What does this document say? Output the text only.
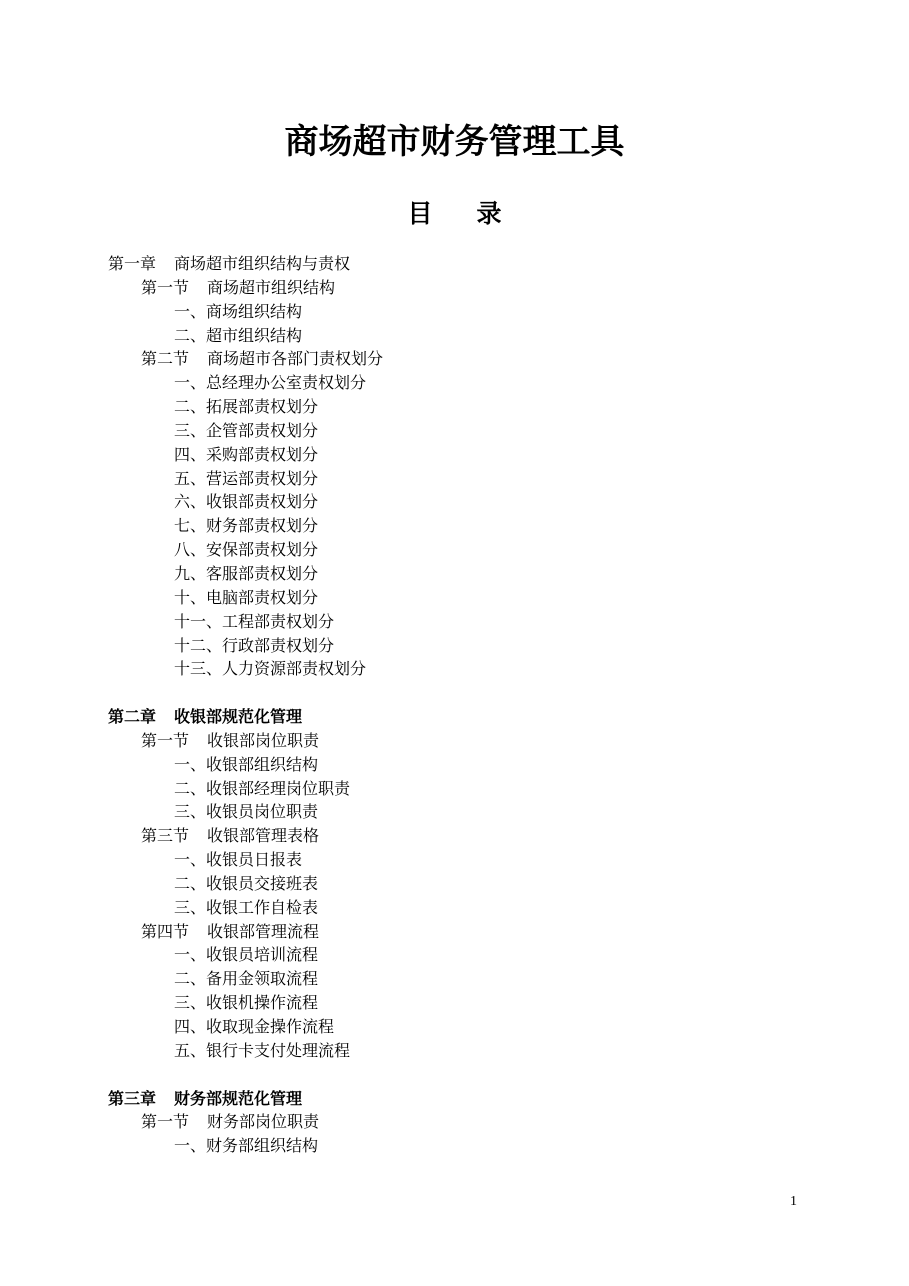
商场超市财务管理工具
目 录
第一章 商场超市组织结构与责权
第一节 商场超市组织结构
一、商场组织结构
二、超市组织结构
第二节 商场超市各部门责权划分
一、总经理办公室责权划分
二、拓展部责权划分
三、企管部责权划分
四、采购部责权划分
五、营运部责权划分
六、收银部责权划分
七、财务部责权划分
八、安保部责权划分
九、客服部责权划分
十、电脑部责权划分
十一、工程部责权划分
十二、行政部责权划分
十三、人力资源部责权划分
第二章 收银部规范化管理
第一节 收银部岗位职责
一、收银部组织结构
二、收银部经理岗位职责
三、收银员岗位职责
第三节 收银部管理表格
一、收银员日报表
二、收银员交接班表
三、收银工作自检表
第四节 收银部管理流程
一、收银员培训流程
二、备用金领取流程
三、收银机操作流程
四、收取现金操作流程
五、银行卡支付处理流程
第三章 财务部规范化管理
第一节 财务部岗位职责
一、财务部组织结构
1
